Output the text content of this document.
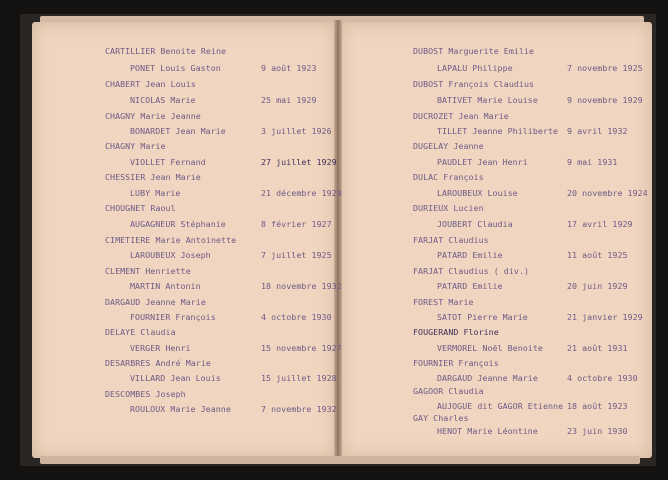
CARTILLIER Benoite Reine
PONET Louis Gaston	9 août 1923
CHABERT Jean Louis
NICOLAS Marie	25 mai 1929
CHAGNY Marie Jeanne
BONARDET Jean Marie	3 juillet 1926
CHAGNY Marie
VIOLLET Fernand	27 juillet 1929
CHESSIER Jean Marie
LUBY Marie	21 décembre 1929
CHOUGNET Raoul
AUGAGNEUR Stéphanie	8 février 1927
CIMETIERE Marie Antoinette
LAROUBEUX Joseph	7 juillet 1925
CLEMENT Henriette
MARTIN Antonin	18 novembre 1932
DARGAUD Jeanne Marie
FOURNIER François	4 octobre 1930
DELAYE Claudia
VERGER Henri	15 novembre 1927
DESARBRES André Marie
VILLARD Jean Louis	15 juillet 1928
DESCOMBES Joseph
ROULOUX Marie Jeanne	7 novembre 1932
DUBOST Marguerite Emilie
LAPALU Philippe	7 novembre 1925
DUBOST François Claudius
BATIVET Marie Louise	9 novembre 1929
DUCROZET Jean Marie
TILLET Jeanne Philiberte 9 avril 1932
DUGELAY Jeanne
PAUDLET Jean Henri	9 mai 1931
DULAC François
LAROUBEUX Louise	20 novembre 1924
DURIEUX Lucien
JOUBERT Claudia	17 avril 1929
FARJAT Claudius
PATARD Emilie	11 août 1925
FARJAT Claudius ( div.)
PATARD Emilie	20 juin 1929
FOREST Marie
SATOT Pierre Marie	21 janvier 1929
FOUGERAND Florine
VERMOREL Noël Benoite	21 août 1931
FOURNIER François
DARGAUD Jeanne Marie	4 octobre 1930
GAGOOR Claudia
AUJOGUE dit GAGOR Etienne 18 août 1923
GAY Charles
HENOT Marie Léontine	23 juin 1930
